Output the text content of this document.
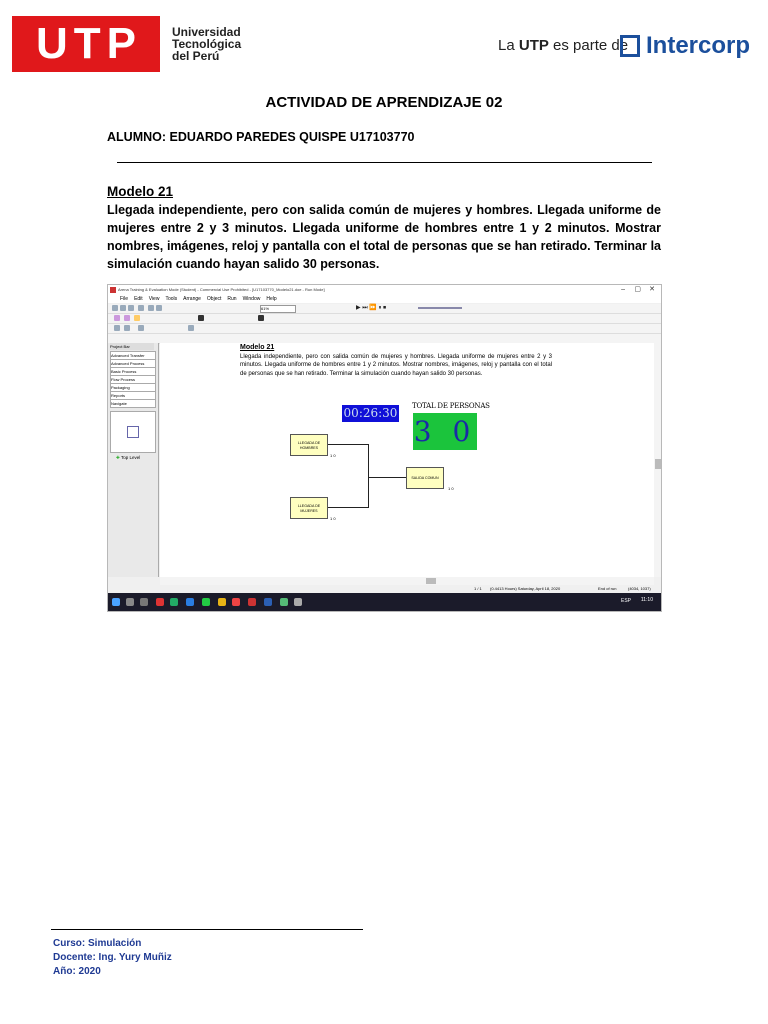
U T P	Universidad
Tecnológica
del Perú
La UTP es parte de Intercorp
ACTIVIDAD DE APRENDIZAJE 02
ALUMNO: EDUARDO PAREDES QUISPE U17103770
Modelo 21
Llegada independiente, pero con salida común de mujeres y hombres. Llegada uniforme de mujeres entre 2 y 3 minutos. Llegada uniforme de hombres entre 1 y 2 minutos. Mostrar nombres, imágenes, reloj y pantalla con el total de personas que se han retirado. Terminar la simulación cuando hayan salido 30 personas.
Arena Training & Evaluation Mode (Student) - Commercial Use Prohibited - [U17103770_Modelo21.doe - Run Mode]	– ▢ ✕
File Edit View Tools Arrange Object Run Window Help
61%	▶ ⏭ ⏩ ⏸ ⏹
Project Bar
Advanced Transfer
Advanced Process
Basic Process
Flow Process
Packaging
Reports
Navigate
✚ Top Level
Modelo 21
Llegada independiente, pero con salida común de mujeres y hombres. Llegada uniforme de mujeres entre 2 y 3 minutos. Llegada uniforme de hombres entre 1 y 2 minutos. Mostrar nombres, imágenes, reloj y pantalla con el total de personas que se han retirado. Terminar la simulación cuando hayan salido 30 personas.
00:26:30 TOTAL DE PERSONAS
3 0
LLEGADA DE HOMBRES
1 0
LLEGADA DE MUJERES
1 0
SALIDA COMUN
1 0
1 / 1 (0.4413 Hours) Saturday, April 18, 2020	End of run	(4034, 1037)
ESP 11:10
Curso: Simulación
Docente: Ing. Yury Muñiz
Año: 2020
